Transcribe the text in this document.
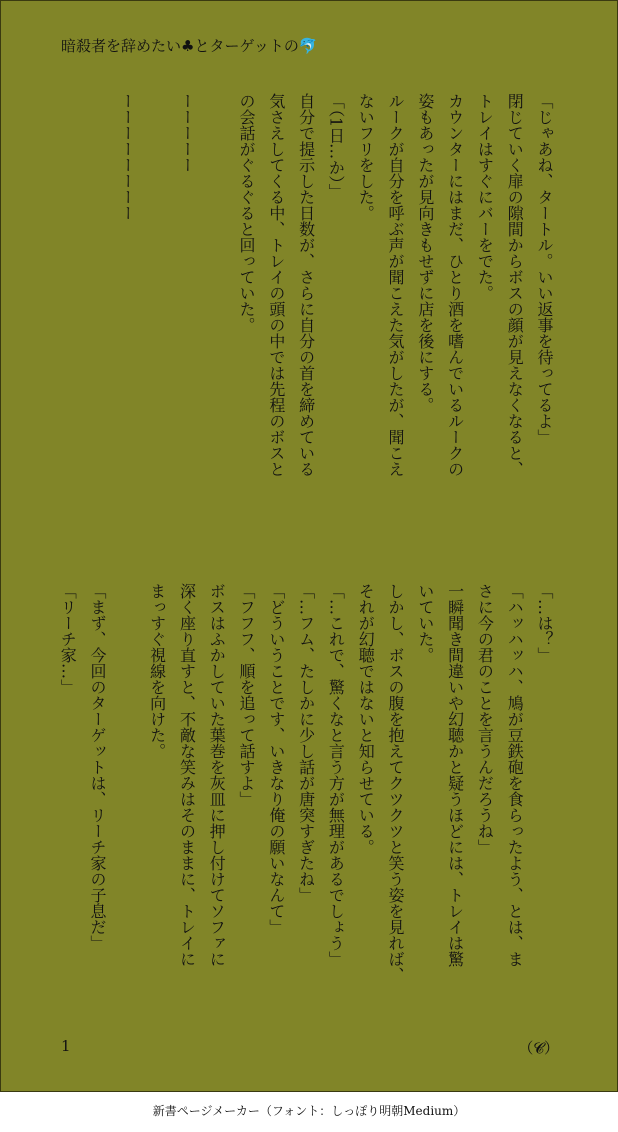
暗殺者を辞めたい♣とターゲットの🐬
「じゃあね、タートル。いい返事を待ってるよ」
閉じていく扉の隙間からボスの顔が見えなくなると、
トレイはすぐにバーをでた。
カウンターにはまだ、ひとり酒を嗜んでいるルークの
姿もあったが見向きもせずに店を後にする。
ルークが自分を呼ぶ声が聞こえた気がしたが、聞こえ
ないフリをした。
「（1日…か）」
自分で提示した日数が、さらに自分の首を締めている
気さえしてくる中、トレイの頭の中では先程のボスと
の会話がぐるぐると回っていた。

ーーーーー

ーーーーーーーー
「…は？」
「ハッハッハ、鳩が豆鉄砲を食らったよう、とは、ま
さに今の君のことを言うんだろうね」
一瞬聞き間違いや幻聴かと疑うほどには、トレイは驚
いていた。
しかし、ボスの腹を抱えてクツクツと笑う姿を見れば、
それが幻聴ではないと知らせている。
「…これで、驚くなと言う方が無理があるでしょう」
「…フム、たしかに少し話が唐突すぎたね」
「どういうことです、いきなり俺の願いなんて」
「フフフ、順を追って話すよ」
ボスはふかしていた葉巻を灰皿に押し付けてソファに
深く座り直すと、不敵な笑みはそのままに、トレイに
まっすぐ視線を向けた。

「まず、今回のターゲットは、リーチ家の子息だ」
「リーチ家…」
1	（𝓒）
新書ページメーカー（フォント：しっぽり明朝Medium）
